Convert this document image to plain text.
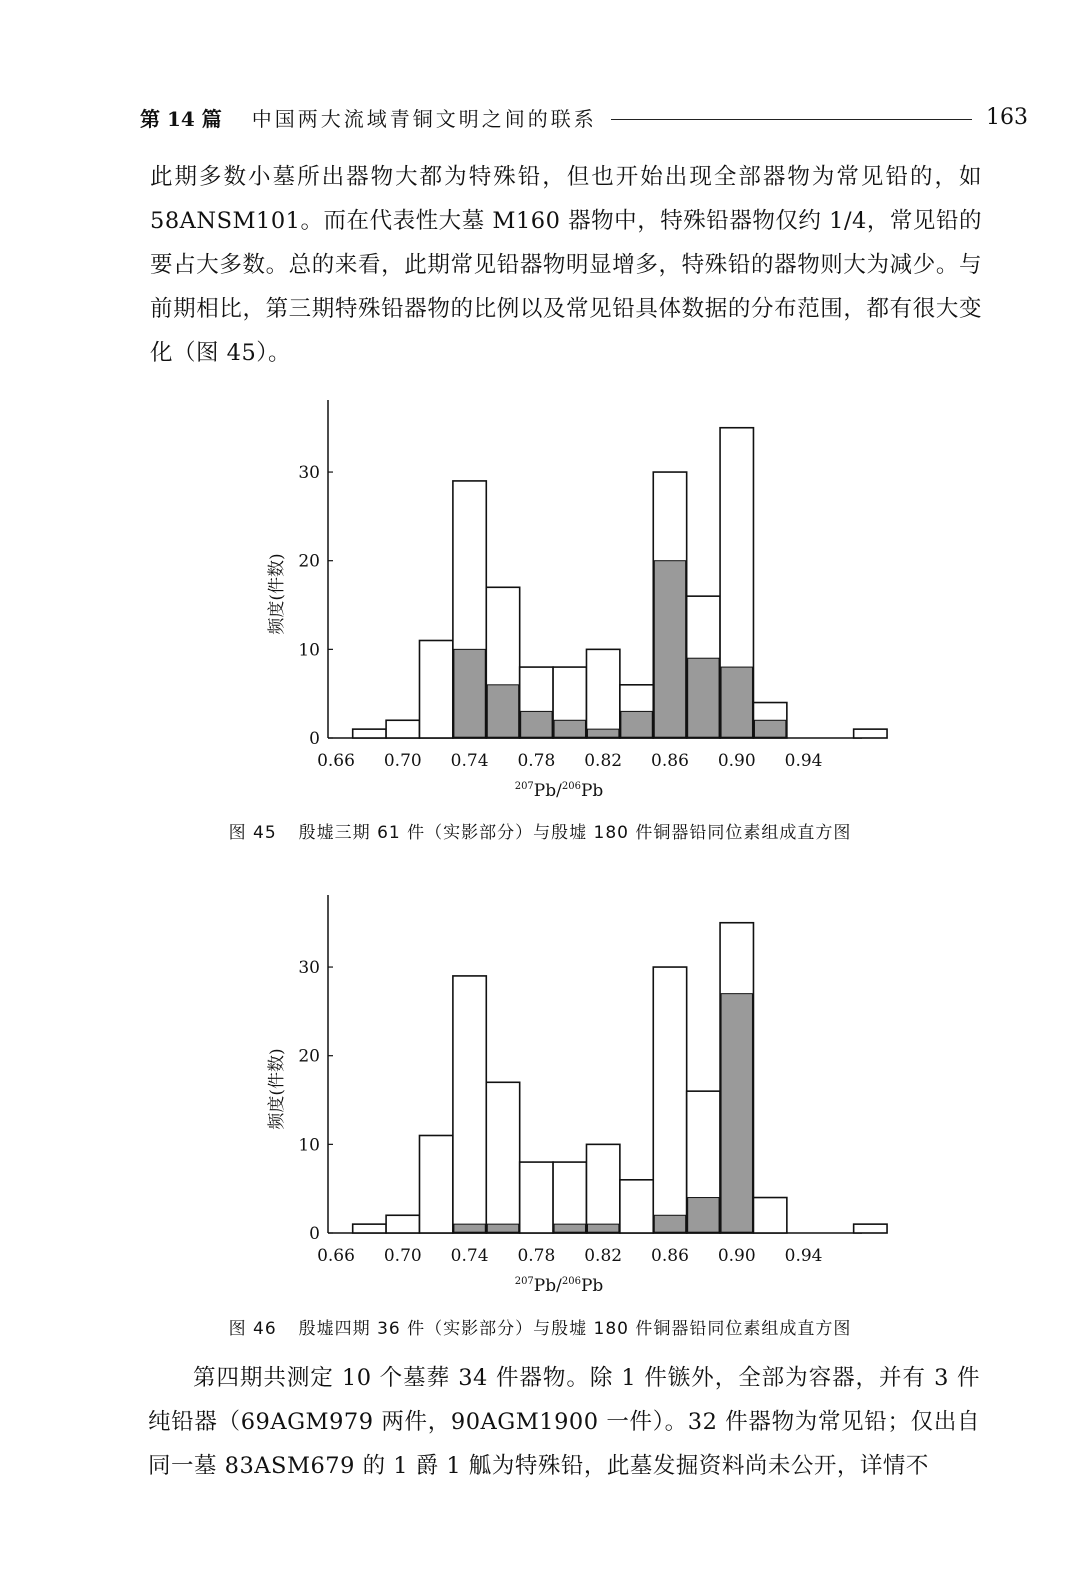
第 14 篇 中国两大流域青铜文明之间的联系	163
此期多数小墓所出器物大都为特殊铅，但也开始出现全部器物为常见铅的，如 58ANSM101。而在代表性大墓 M160 器物中，特殊铅器物仅约 1/4，常见铅的要占大多数。总的来看，此期常见铅器物明显增多，特殊铅的器物则大为减少。与前期相比，第三期特殊铅器物的比例以及常见铅具体数据的分布范围，都有很大变化（图 45）。
0
10
20
30
0.66 0.70 0.74 0.78 0.82 0.86 0.90 0.94
$^{207}$Pb/$^{206}$Pb
频度(件数)
图 45 殷墟三期 61 件（实影部分）与殷墟 180 件铜器铅同位素组成直方图
0
10
20
30
0.66 0.70 0.74 0.78 0.82 0.86 0.90 0.94
$^{207}$Pb/$^{206}$Pb
频度(件数)
图 46 殷墟四期 36 件（实影部分）与殷墟 180 件铜器铅同位素组成直方图
第四期共测定 10 个墓葬 34 件器物。除 1 件镞外，全部为容器，并有 3 件纯铅器（69AGM979 两件，90AGM1900 一件）。32 件器物为常见铅；仅出自同一墓 83ASM679 的 1 爵 1 觚为特殊铅，此墓发掘资料尚未公开，详情不
